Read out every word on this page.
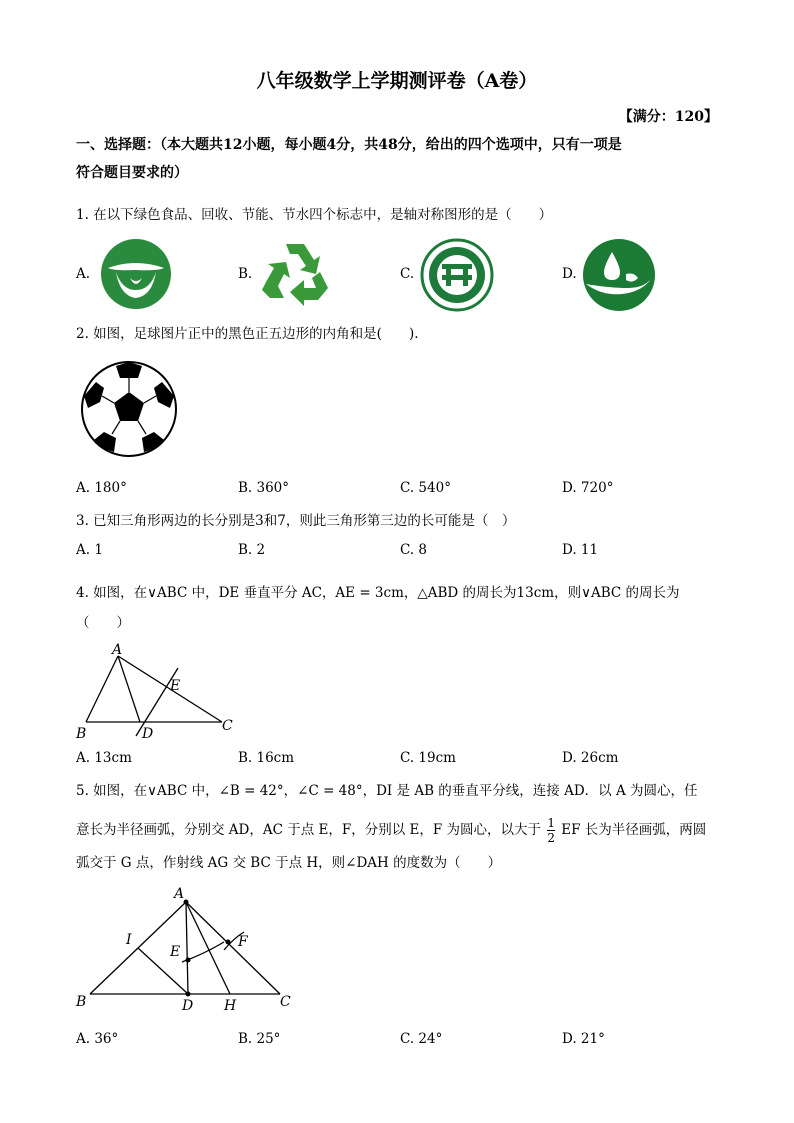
八年级数学上学期测评卷（A卷）
【满分：120】
一、选择题：（本大题共12小题，每小题4分，共48分，给出的四个选项中，只有一项是
符合题目要求的）
1. 在以下绿色食品、回收、节能、节水四个标志中，是轴对称图形的是（　　）
A.	B.	C.	D.
2. 如图，足球图片正中的黑色正五边形的内角和是(　　).
A. 180°	B. 360°	C. 540°	D. 720°
3. 已知三角形两边的长分别是3和7，则此三角形第三边的长可能是（　）
A. 1	B. 2	C. 8	D. 11
4. 如图，在∨ABC 中，DE 垂直平分 AC，AE = 3cm，△ABD 的周长为13cm，则∨ABC 的周长为
（　　）
A
B	C
D
E
A. 13cm	B. 16cm	C. 19cm	D. 26cm
5. 如图，在∨ABC 中，∠B = 42°，∠C = 48°，DI 是 AB 的垂直平分线，连接 AD．以 A 为圆心，任
意长为半径画弧，分别交 AD，AC 于点 E，F，分别以 E，F 为圆心，以大于 $\frac{1}{2}$ EF 长为半径画弧，两圆
弧交于 G 点，作射线 AG 交 BC 于点 H，则∠DAH 的度数为（　　）
A
B	C
D
E
F
H
I
A. 36°	B. 25°	C. 24°	D. 21°
